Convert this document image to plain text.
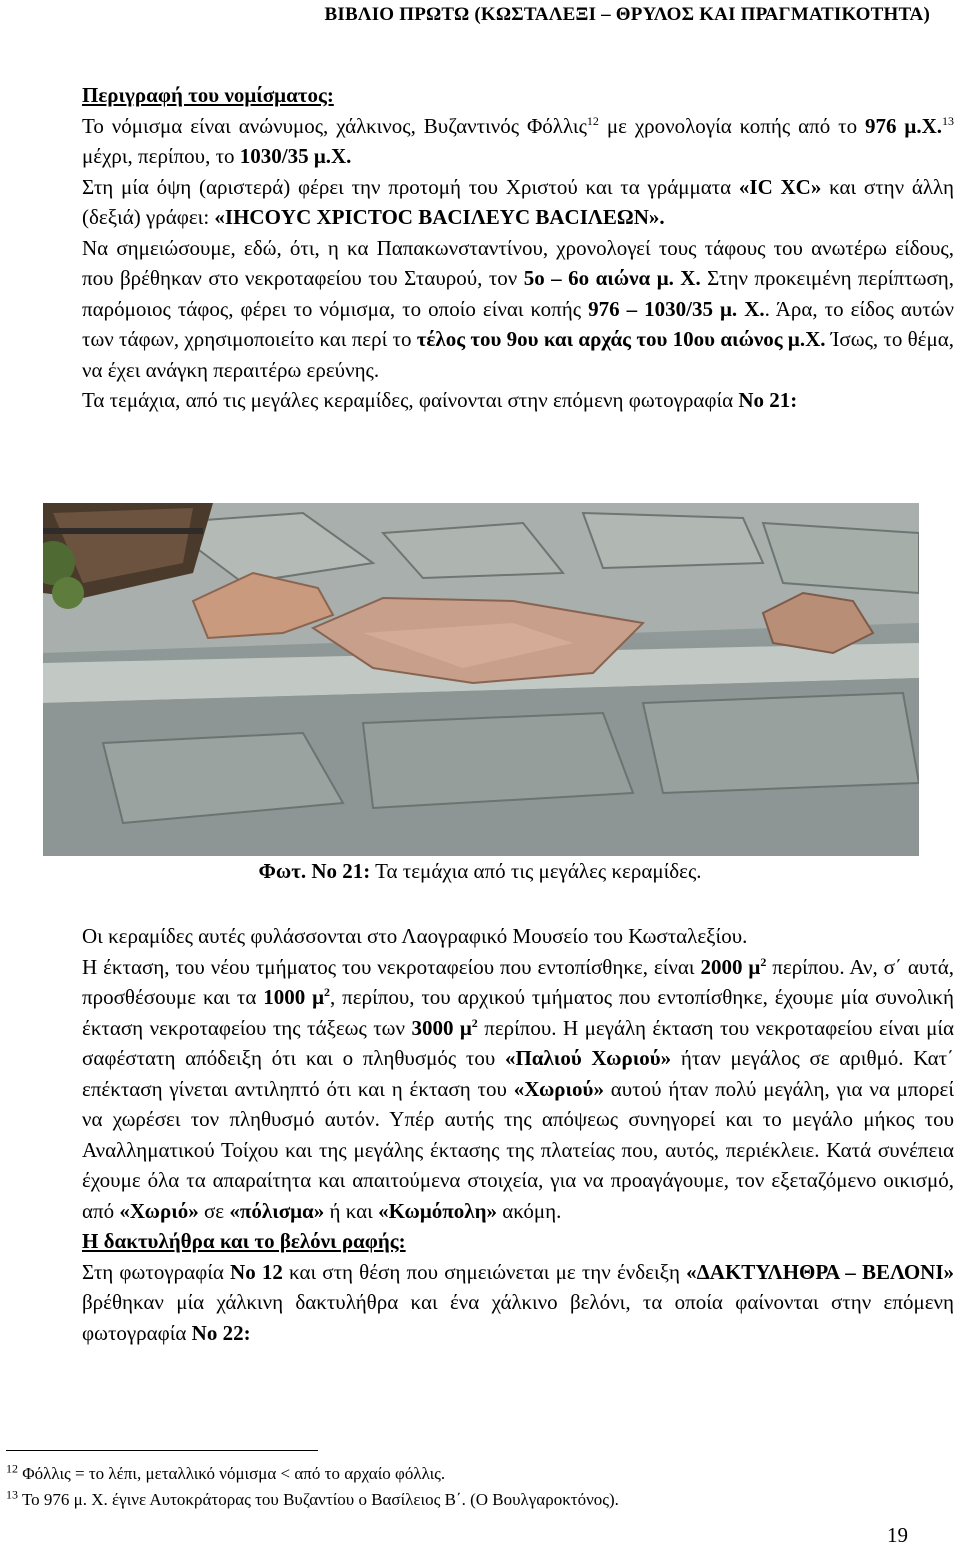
ΒΙΒΛΙΟ ΠΡΩΤΩ (ΚΩΣΤΑΛΕΞΙ – ΘΡΥΛΟΣ ΚΑΙ ΠΡΑΓΜΑΤΙΚΟΤΗΤΑ)

Περιγραφή του νομίσματος:

Το νόμισμα είναι ανώνυμος, χάλκινος, Βυζαντινός Φόλλις$^{12}$ με χρονολογία κοπής από το 976 μ.Χ.$^{13}$ μέχρι, περίπου, το 1030/35 μ.Χ.

Στη μία όψη (αριστερά) φέρει την προτομή του Χριστού και τα γράμματα «IC XC» και στην άλλη (δεξιά) γράφει: «IHCOYC XPICTOC ΒΑCΙΛΕΥC ΒΑCΙΛΕΩΝ».

Να σημειώσουμε, εδώ, ότι, η κα Παπακωνσταντίνου, χρονολογεί τους τάφους του ανωτέρω είδους, που βρέθηκαν στο νεκροταφείου του Σταυρού, τον 5ο – 6ο αιώνα μ. Χ. Στην προκειμένη περίπτωση, παρόμοιος τάφος, φέρει το νόμισμα, το οποίο είναι κοπής 976 – 1030/35 μ. Χ.. Άρα, το είδος αυτών των τάφων, χρησιμοποιείτο και περί το τέλος του 9ου και αρχάς του 10ου αιώνος μ.Χ. Ίσως, το θέμα, να έχει ανάγκη περαιτέρω ερεύνης.

Τα τεμάχια, από τις μεγάλες κεραμίδες, φαίνονται στην επόμενη φωτογραφία Νο 21:

Φωτ. Νο 21: Τα τεμάχια από τις μεγάλες κεραμίδες.

Οι κεραμίδες αυτές φυλάσσονται στο Λαογραφικό Μουσείο του Κωσταλεξίου.

Η έκταση, του νέου τμήματος του νεκροταφείου που εντοπίσθηκε, είναι 2000 $\mu^2$ περίπου. Αν, σ΄ αυτά, προσθέσουμε και τα 1000 $\mu^2$, περίπου, του αρχικού τμήματος που εντοπίσθηκε, έχουμε μία συνολική έκταση νεκροταφείου της τάξεως των 3000 $\mu^2$ περίπου. Η μεγάλη έκταση του νεκροταφείου είναι μία σαφέστατη απόδειξη ότι και ο πληθυσμός του «Παλιού Χωριού» ήταν μεγάλος σε αριθμό. Κατ΄ επέκταση γίνεται αντιληπτό ότι και η έκταση του «Χωριού» αυτού ήταν πολύ μεγάλη, για να μπορεί να χωρέσει τον πληθυσμό αυτόν. Υπέρ αυτής της απόψεως συνηγορεί και το μεγάλο μήκος του Αναλληματικού Τοίχου και της μεγάλης έκτασης της πλατείας που, αυτός, περιέκλειε. Κατά συνέπεια έχουμε όλα τα απαραίτητα και απαιτούμενα στοιχεία, για να προαγάγουμε, τον εξεταζόμενο οικισμό, από «Χωριό» σε «πόλισμα» ή και «Κωμόπολη» ακόμη.

Η δακτυλήθρα και το βελόνι ραφής:

Στη φωτογραφία Νο 12 και στη θέση που σημειώνεται με την ένδειξη «ΔΑΚΤΥΛΗΘΡΑ – ΒΕΛΟΝΙ» βρέθηκαν μία χάλκινη δακτυλήθρα και ένα χάλκινο βελόνι, τα οποία φαίνονται στην επόμενη φωτογραφία Νο 22:

$^{12}$ Φόλλις = το λέπι, μεταλλικό νόμισμα < από το αρχαίο φόλλις.
$^{13}$ Το 976 μ. Χ. έγινε Αυτοκράτορας του Βυζαντίου ο Βασίλειος Β΄. (Ο Βουλγαροκτόνος).
19
